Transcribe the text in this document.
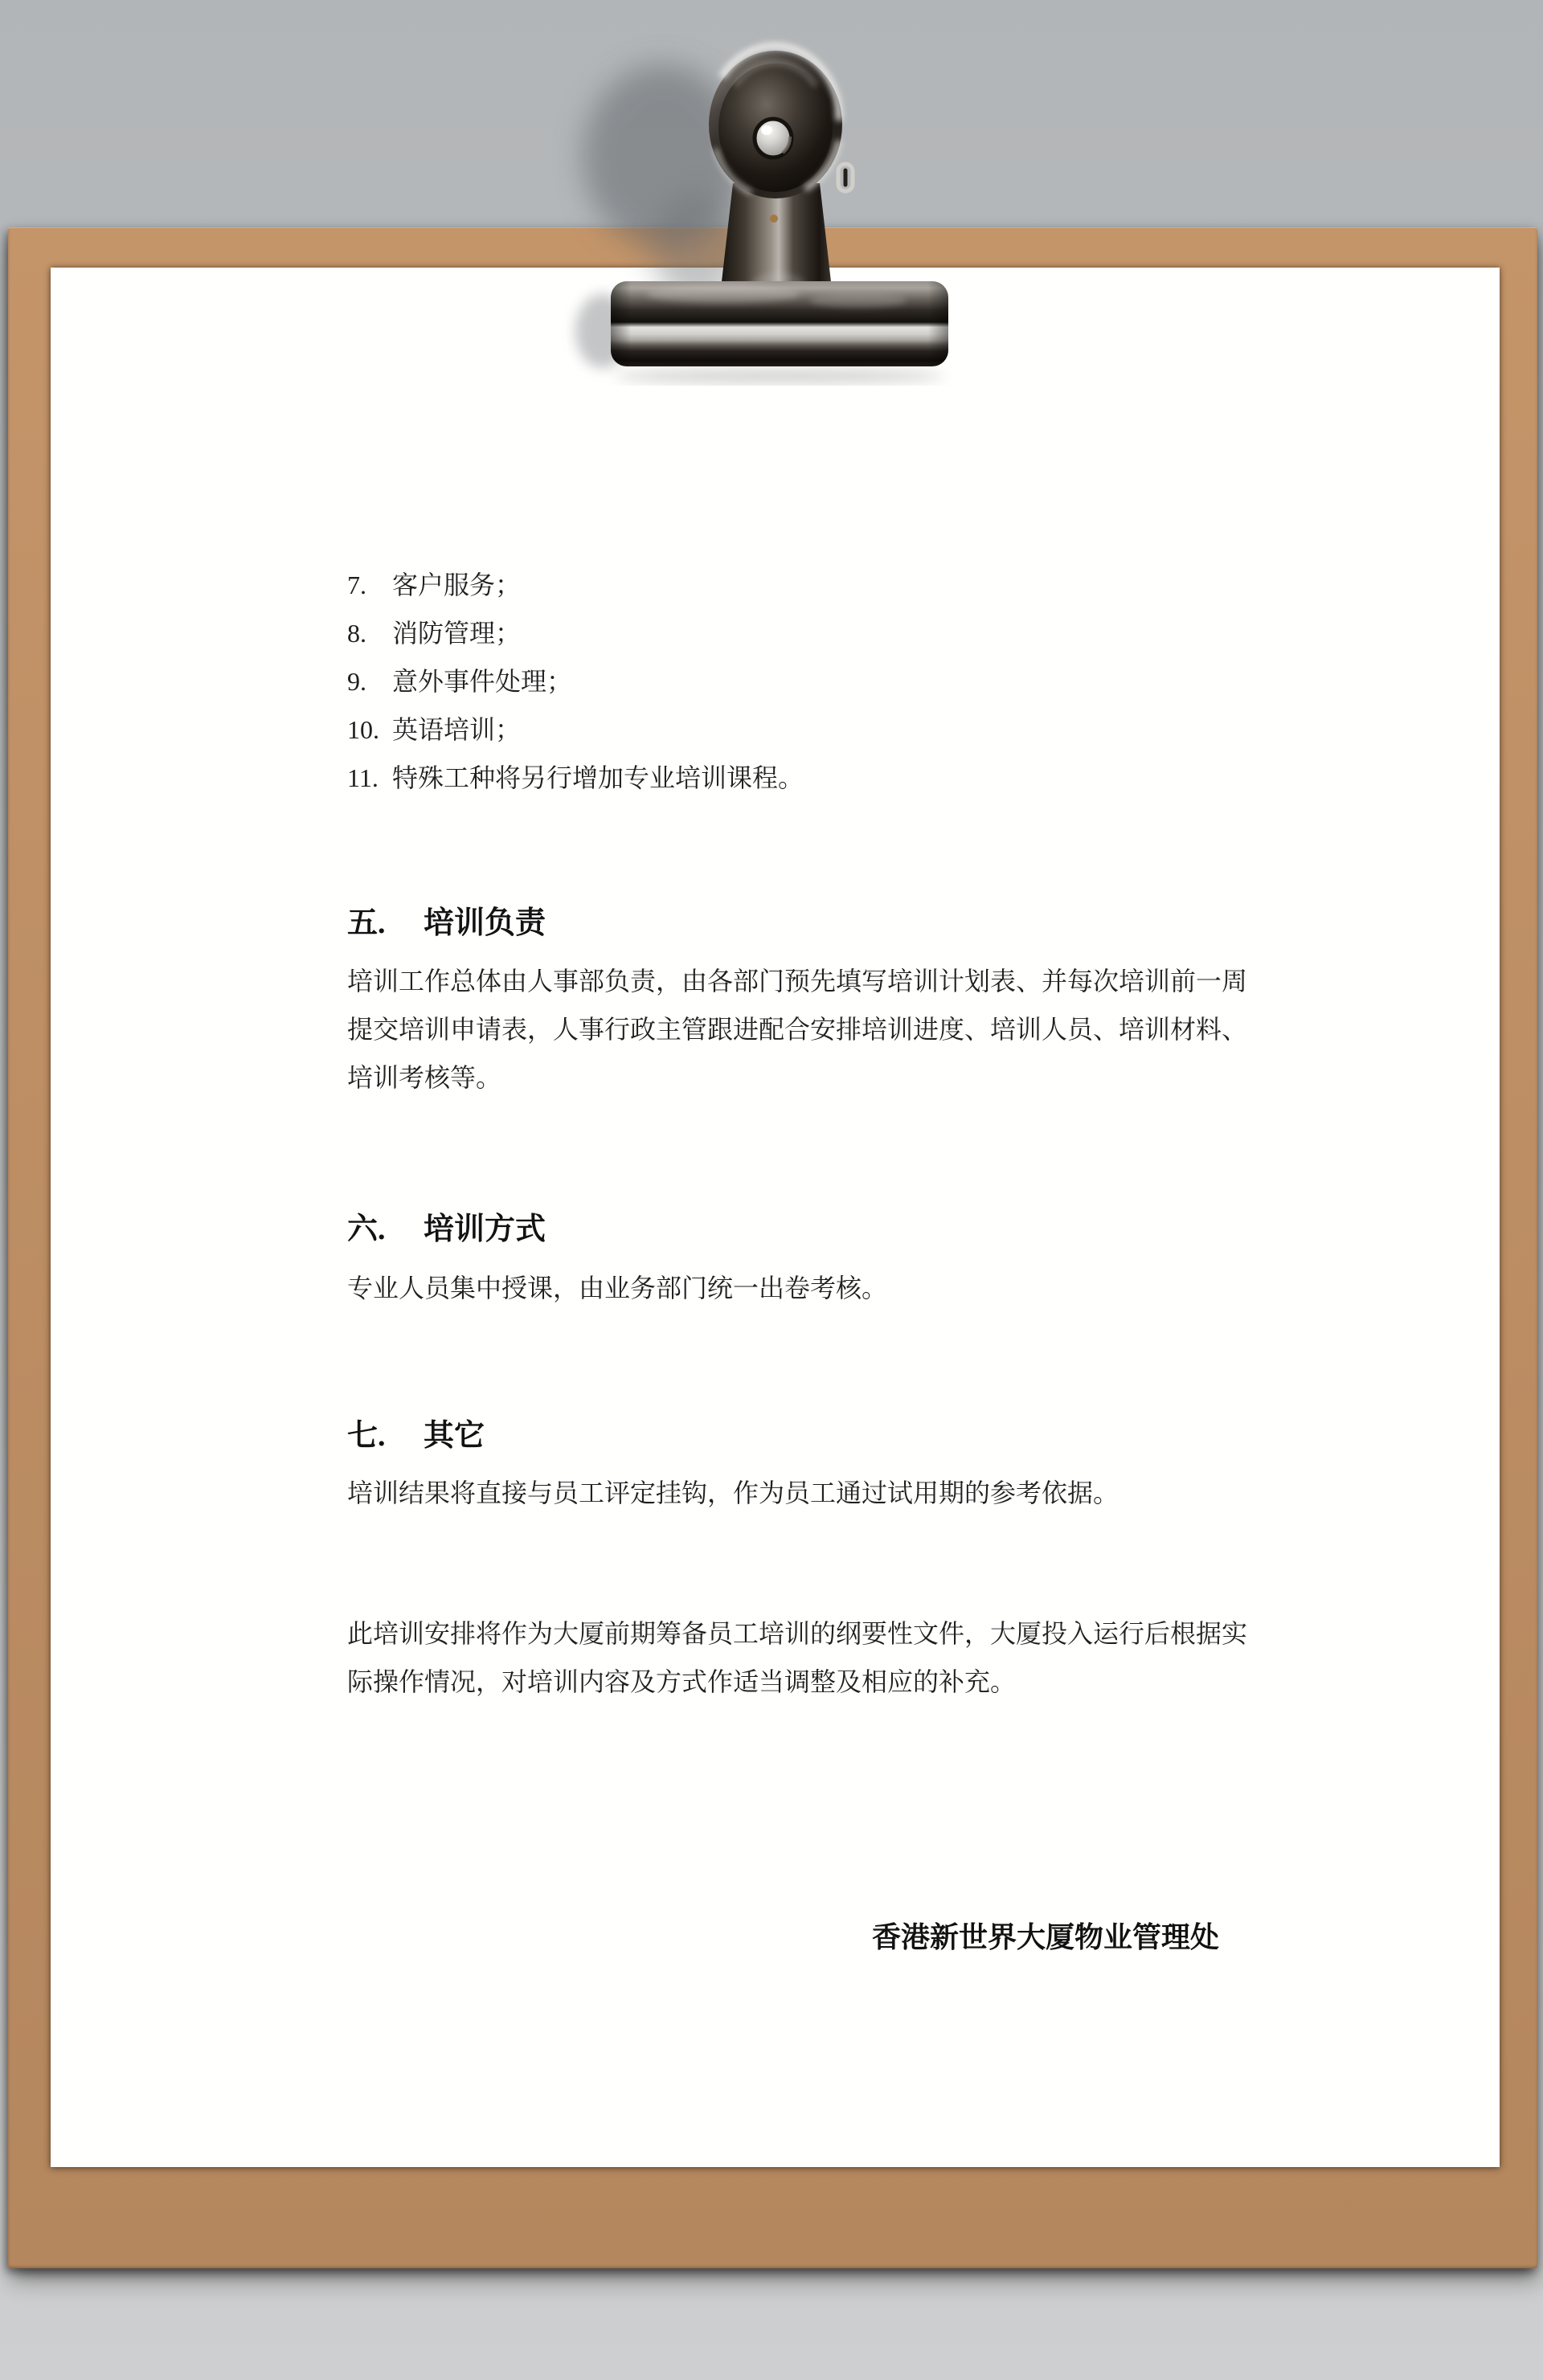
7. 客户服务；
8. 消防管理；
9. 意外事件处理；
10. 英语培训；
11. 特殊工种将另行增加专业培训课程。
五. 培训负责
培训工作总体由人事部负责，由各部门预先填写培训计划表、并每次培训前一周提交培训申请表，人事行政主管跟进配合安排培训进度、培训人员、培训材料、培训考核等。
六. 培训方式
专业人员集中授课，由业务部门统一出卷考核。
七. 其它
培训结果将直接与员工评定挂钩，作为员工通过试用期的参考依据。
此培训安排将作为大厦前期筹备员工培训的纲要性文件，大厦投入运行后根据实际操作情况，对培训内容及方式作适当调整及相应的补充。
香港新世界大厦物业管理处
